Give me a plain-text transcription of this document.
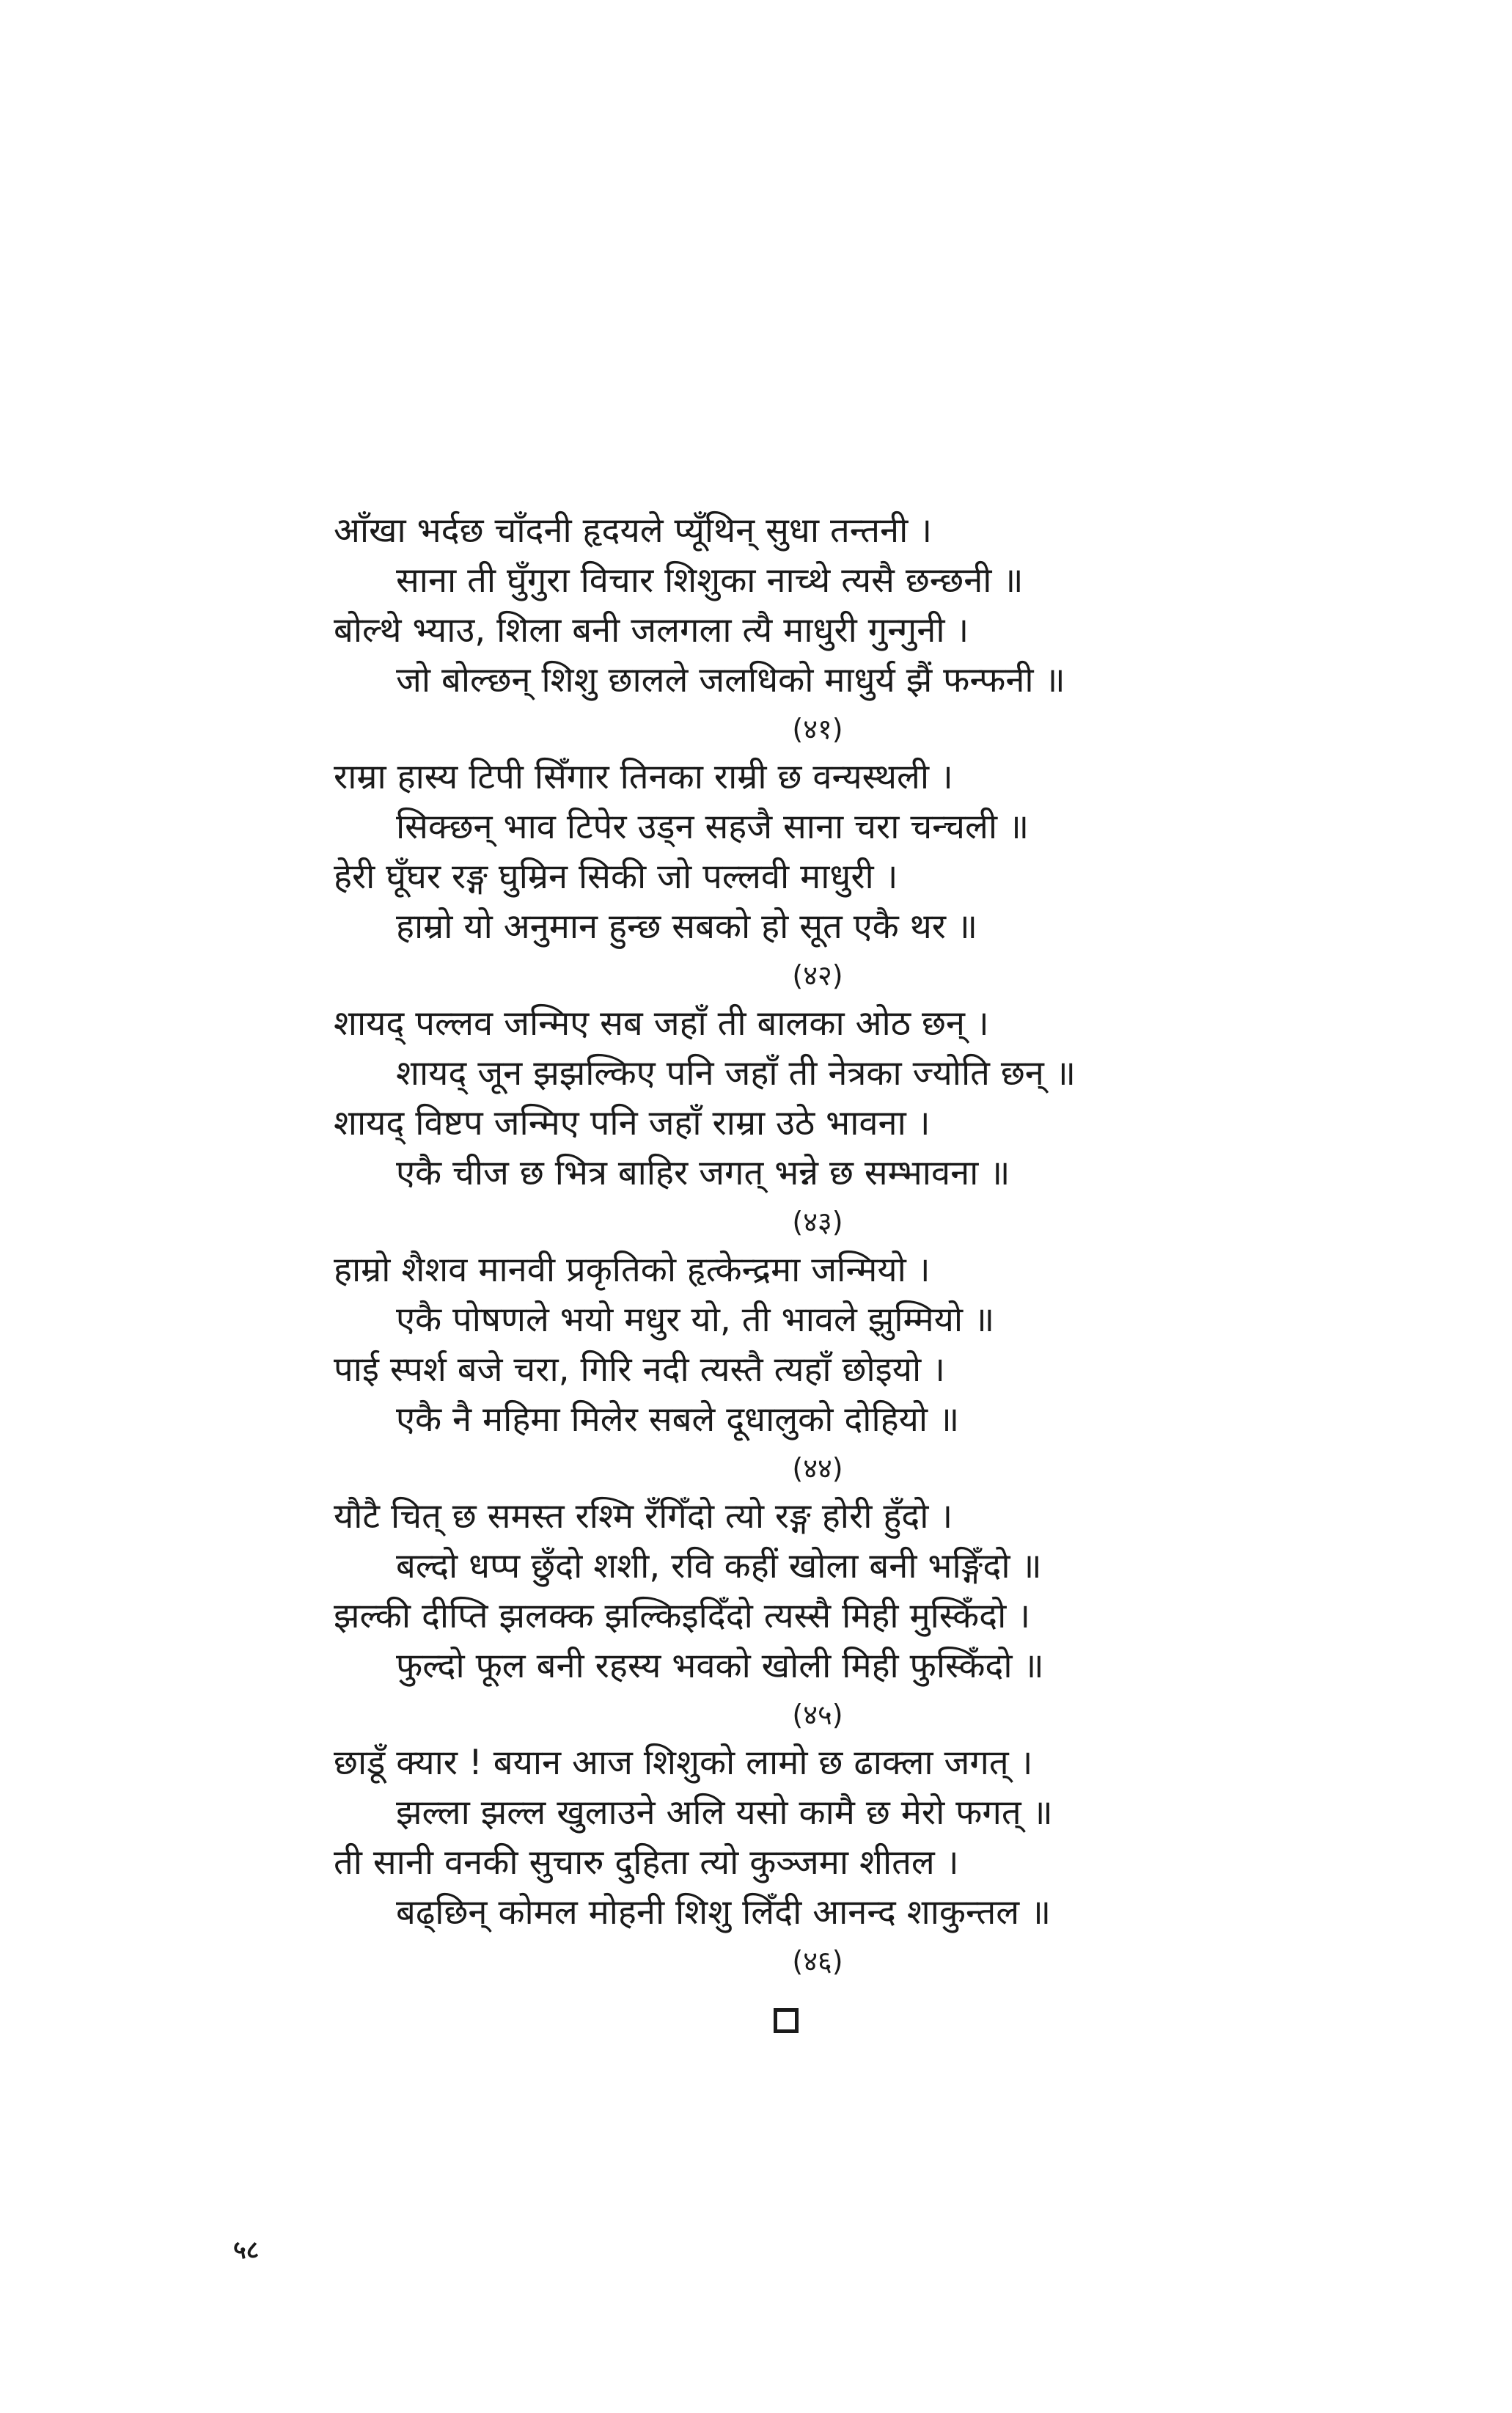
आँखा भर्दछ चाँदनी हृदयले प्यूँथिन् सुधा तन्तनी ।
साना ती घुँगुरा विचार शिशुका नाच्थे त्यसै छन्छनी ॥
बोल्थे भ्याउ, शिला बनी जलगला त्यै माधुरी गुन्गुनी ।
जो बोल्छन् शिशु छालले जलधिको माधुर्य झैं फन्फनी ॥
(४१)
राम्रा हास्य टिपी सिँगार तिनका राम्री छ वन्यस्थली ।
सिक्छन् भाव टिपेर उड्न सहजै साना चरा चन्चली ॥
हेरी घूँघर रङ्ग घुम्रिन सिकी जो पल्लवी माधुरी ।
हाम्रो यो अनुमान हुन्छ सबको हो सूत एकै थर ॥
(४२)
शायद् पल्लव जन्मिए सब जहाँ ती बालका ओठ छन् ।
शायद् जून झझल्किए पनि जहाँ ती नेत्रका ज्योति छन् ॥
शायद् विष्टप जन्मिए पनि जहाँ राम्रा उठे भावना ।
एकै चीज छ भित्र बाहिर जगत् भन्ने छ सम्भावना ॥
(४३)
हाम्रो शैशव मानवी प्रकृतिको हृत्केन्द्रमा जन्मियो ।
एकै पोषणले भयो मधुर यो, ती भावले झुम्मियो ॥
पाई स्पर्श बजे चरा, गिरि नदी त्यस्तै त्यहाँ छोइयो ।
एकै नै महिमा मिलेर सबले दूधालुको दोहियो ॥
(४४)
यौटै चित् छ समस्त रश्मि रँगिँदो त्यो रङ्ग होरी हुँदो ।
बल्दो धप्प छुँदो शशी, रवि कहीं खोला बनी भङ्गिँदो ॥
झल्की दीप्ति झलक्क झल्किइदिँदो त्यस्सै मिही मुस्किँदो ।
फुल्दो फूल बनी रहस्य भवको खोली मिही फुस्किँदो ॥
(४५)
छाडूँ क्यार ! बयान आज शिशुको लामो छ ढाक्ला जगत् ।
झल्ला झल्ल खुलाउने अलि यसो कामै छ मेरो फगत् ॥
ती सानी वनकी सुचारु दुहिता त्यो कुञ्जमा शीतल ।
बढ्छिन् कोमल मोहनी शिशु लिँदी आनन्द शाकुन्तल ॥
(४६)
५८
